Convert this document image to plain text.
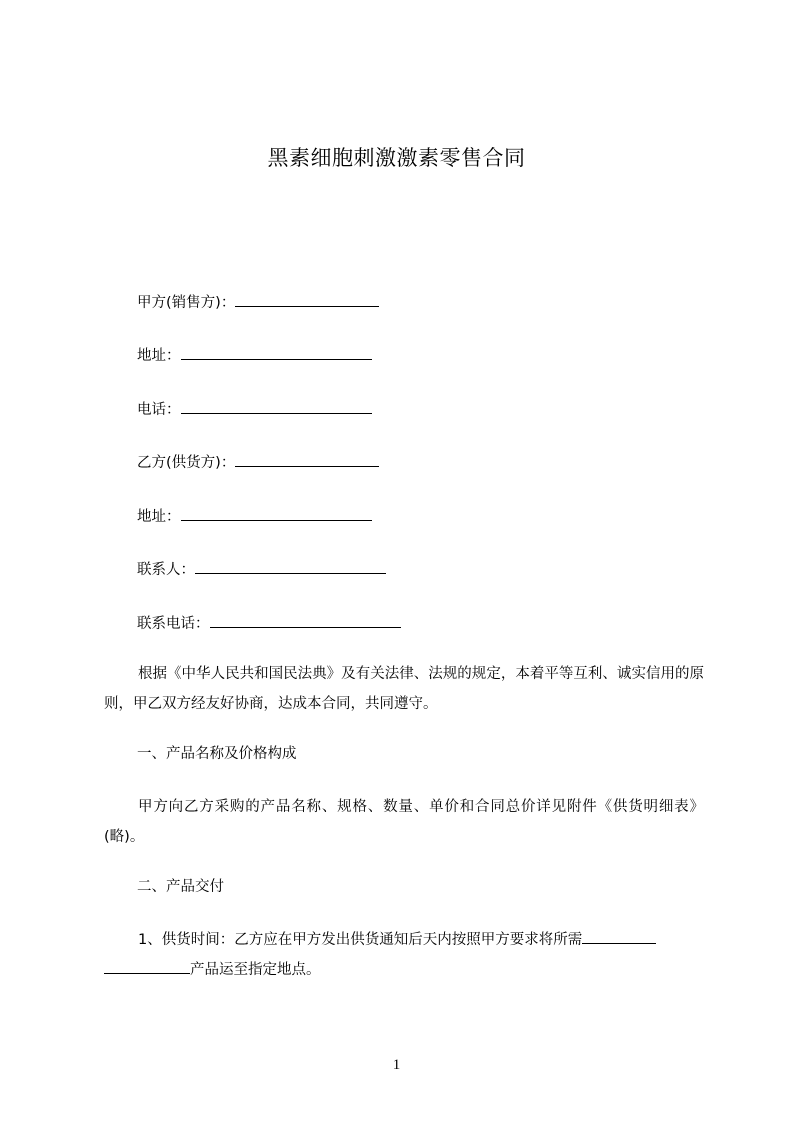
黑素细胞刺激激素零售合同
甲方(销售方)：
地址：
电话：
乙方(供货方)：
地址：
联系人：
联系电话：
根据《中华人民共和国民法典》及有关法律、法规的规定，本着平等互利、诚实信用的原则，甲乙双方经友好协商，达成本合同，共同遵守。
一、产品名称及价格构成
甲方向乙方采购的产品名称、规格、数量、单价和合同总价详见附件《供货明细表》(略)。
二、产品交付
1、供货时间：乙方应在甲方发出供货通知后天内按照甲方要求将所需
产品运至指定地点。
1
